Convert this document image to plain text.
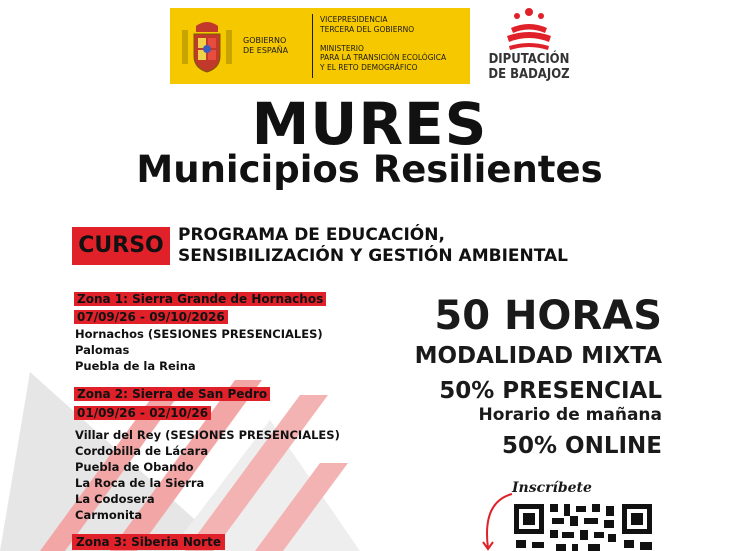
GOBIERNO
DE ESPAÑA
VICEPRESIDENCIA
TERCERA DEL GOBIERNO

MINISTERIO
PARA LA TRANSICIÓN ECOLÓGICA
Y EL RETO DEMOGRÁFICO	DIPUTACIÓN
DE BADAJOZ
MURES
Municipios Resilientes
CURSO PROGRAMA DE EDUCACIÓN,
SENSIBILIZACIÓN Y GESTIÓN AMBIENTAL
Zona 1: Sierra Grande de Hornachos
07/09/26 - 09/10/2026
Hornachos (SESIONES PRESENCIALES)
Palomas
Puebla de la Reina
Zona 2: Sierra de San Pedro
01/09/26 - 02/10/26
Villar del Rey (SESIONES PRESENCIALES)
Cordobilla de Lácara
Puebla de Obando
La Roca de la Sierra
La Codosera
Carmonita
Zona 3: Siberia Norte
50 HORAS
MODALIDAD MIXTA
50% PRESENCIAL
Horario de mañana
50% ONLINE
Inscríbete
